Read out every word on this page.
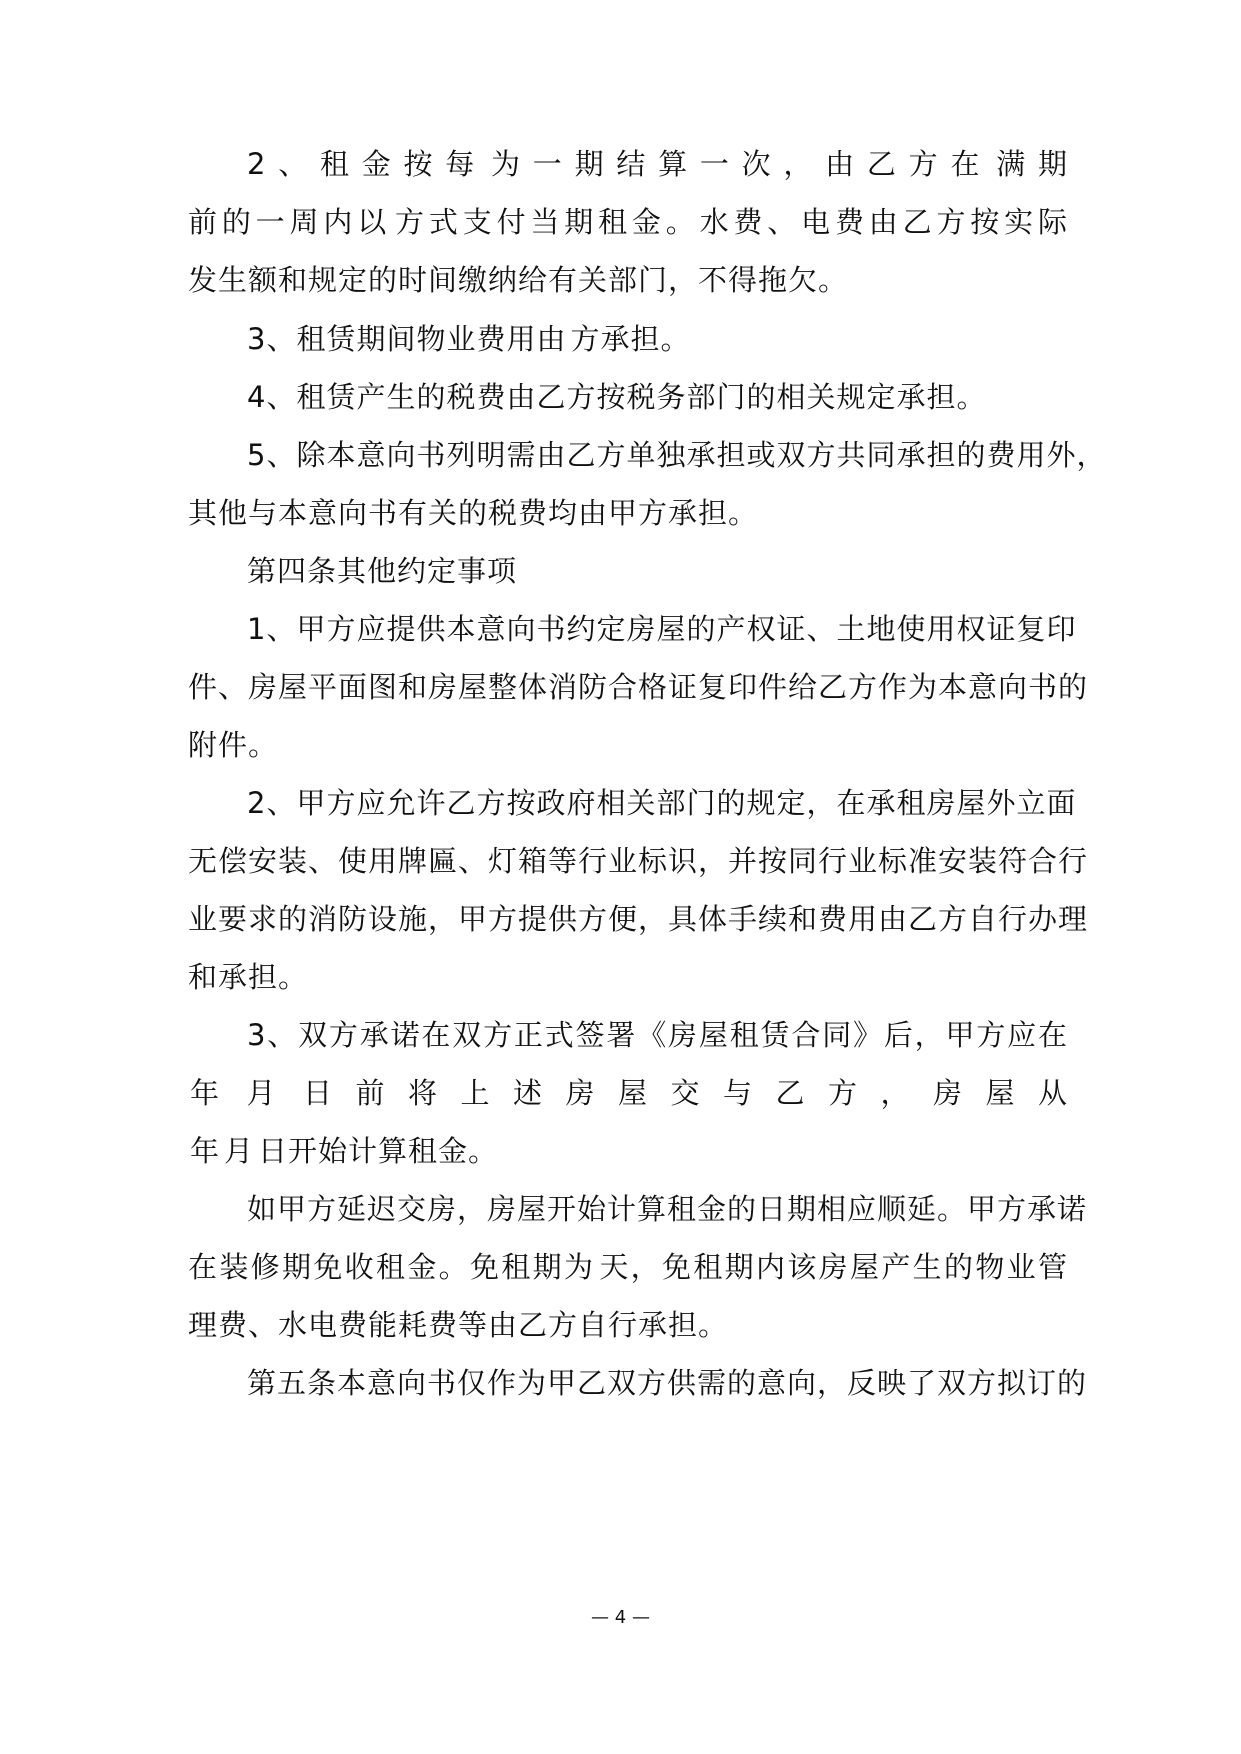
2、租金按每 为一期结算一次，由乙方在 满期
前的一周内以 方式支付当期租金。水费、电费由乙方按实际
发生额和规定的时间缴纳给有关部门，不得拖欠。
3、租赁期间物业费用由 方承担。
4、租赁产生的税费由乙方按税务部门的相关规定承担。
5、除本意向书列明需由乙方单独承担或双方共同承担的费用外，
其他与本意向书有关的税费均由甲方承担。
第四条其他约定事项
1、甲方应提供本意向书约定房屋的产权证、土地使用权证复印
件、房屋平面图和房屋整体消防合格证复印件给乙方作为本意向书的
附件。
2、甲方应允许乙方按政府相关部门的规定，在承租房屋外立面
无偿安装、使用牌匾、灯箱等行业标识，并按同行业标准安装符合行
业要求的消防设施，甲方提供方便，具体手续和费用由乙方自行办理
和承担。
3、双方承诺在双方正式签署《房屋租赁合同》后，甲方应在
年 月 日前将上述房屋交与乙方，房屋从
年 月 日开始计算租金。
如甲方延迟交房，房屋开始计算租金的日期相应顺延。甲方承诺
在装修期免收租金。免租期为 天，免租期内该房屋产生的物业管
理费、水电费能耗费等由乙方自行承担。
第五条本意向书仅作为甲乙双方供需的意向，反映了双方拟订的
— 4 —
